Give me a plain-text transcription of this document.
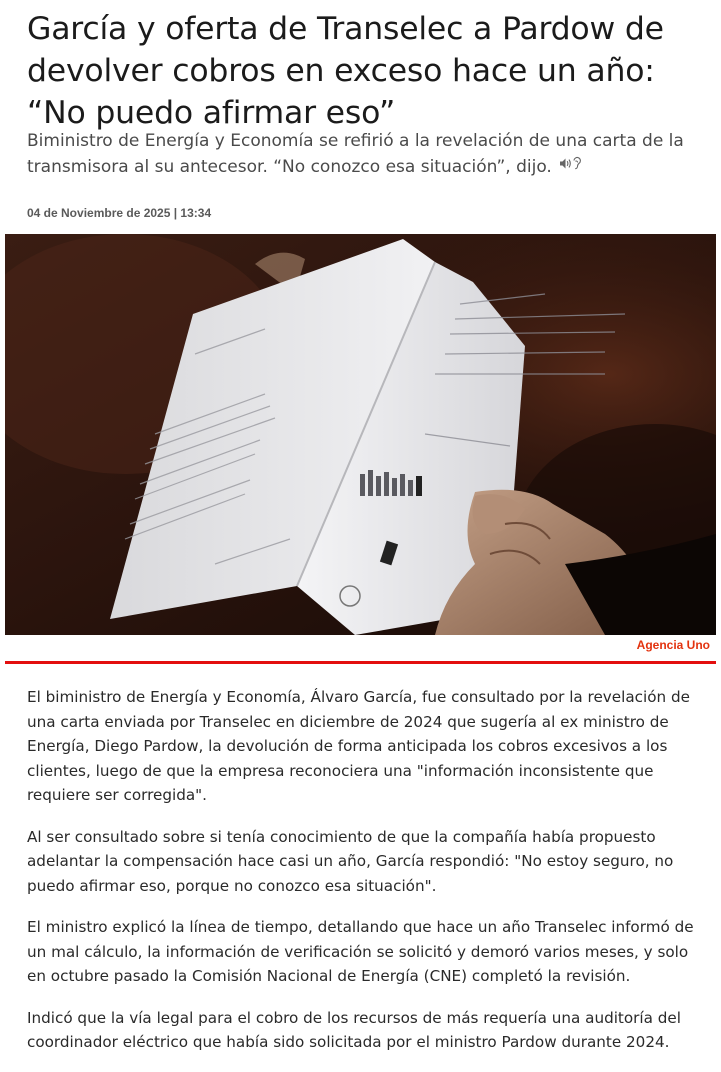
García y oferta de Transelec a Pardow de devolver cobros en exceso hace un año: “No puedo afirmar eso”

Biministro de Energía y Economía se refirió a la revelación de una carta de la transmisora al su antecesor. “No conozco esa situación”, dijo.

04 de Noviembre de 2025 | 13:34

Agencia Uno

El biministro de Energía y Economía, Álvaro García, fue consultado por la revelación de una carta enviada por Transelec en diciembre de 2024 que sugería al ex ministro de Energía, Diego Pardow, la devolución de forma anticipada los cobros excesivos a los clientes, luego de que la empresa reconociera una "información inconsistente que requiere ser corregida".

Al ser consultado sobre si tenía conocimiento de que la compañía había propuesto adelantar la compensación hace casi un año, García respondió: "No estoy seguro, no puedo afirmar eso, porque no conozco esa situación".

El ministro explicó la línea de tiempo, detallando que hace un año Transelec informó de un mal cálculo, la información de verificación se solicitó y demoró varios meses, y solo en octubre pasado la Comisión Nacional de Energía (CNE) completó la revisión.

Indicó que la vía legal para el cobro de los recursos de más requería una auditoría del coordinador eléctrico que había sido solicitada por el ministro Pardow durante 2024.
